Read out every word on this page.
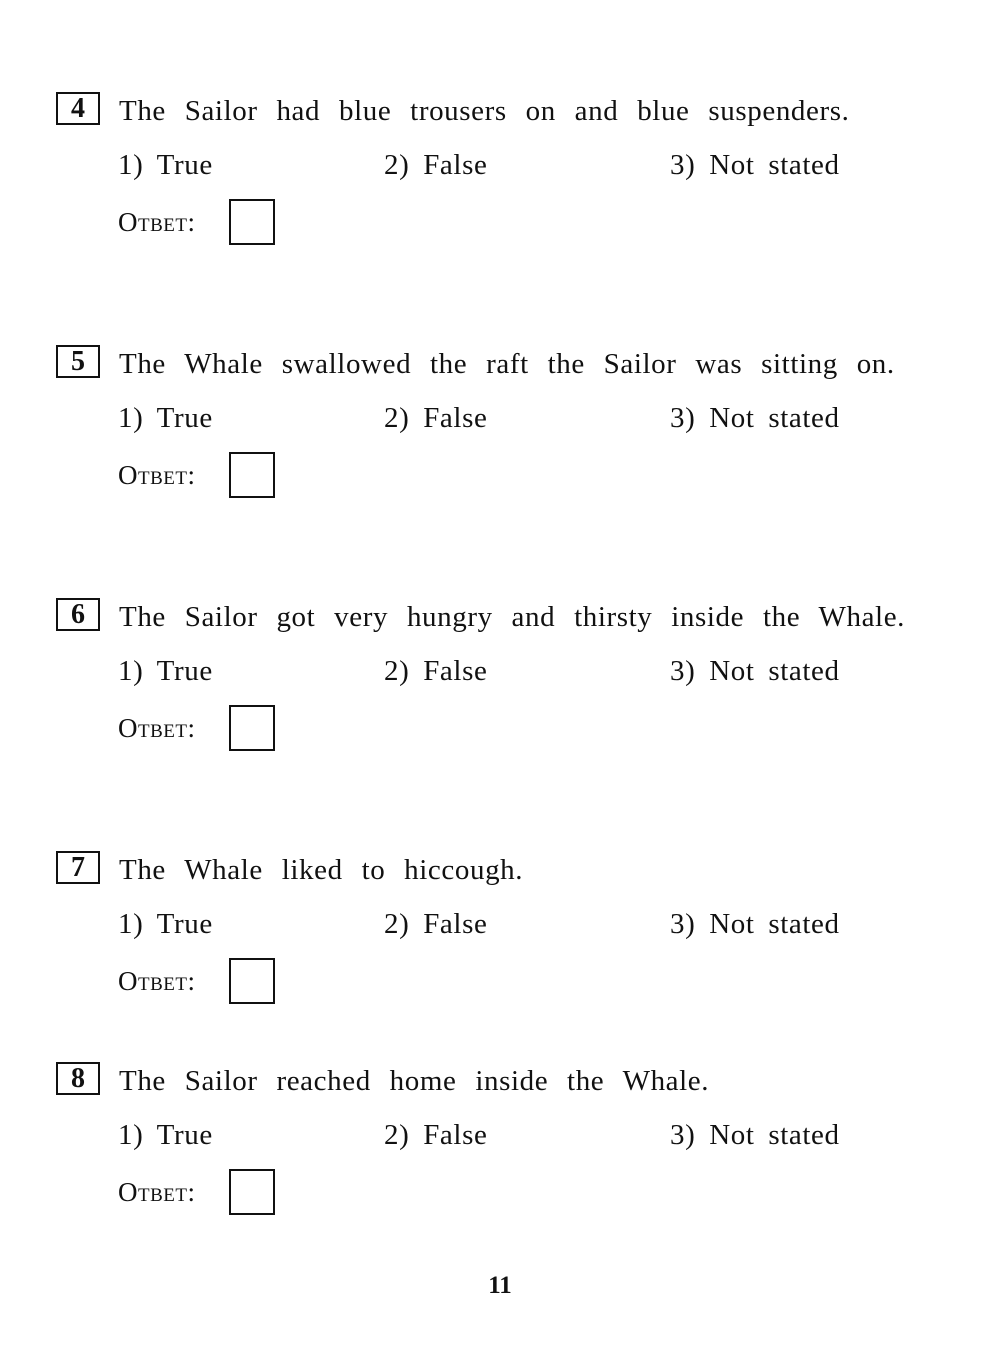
4	The Sailor had blue trousers on and blue suspenders.
1) True	2) False	3) Not stated
Ответ:
5	The Whale swallowed the raft the Sailor was sitting on.
1) True	2) False	3) Not stated
Ответ:
6	The Sailor got very hungry and thirsty inside the Whale.
1) True	2) False	3) Not stated
Ответ:
7	The Whale liked to hiccough.
1) True	2) False	3) Not stated
Ответ:
8	The Sailor reached home inside the Whale.
1) True	2) False	3) Not stated
Ответ:
11
